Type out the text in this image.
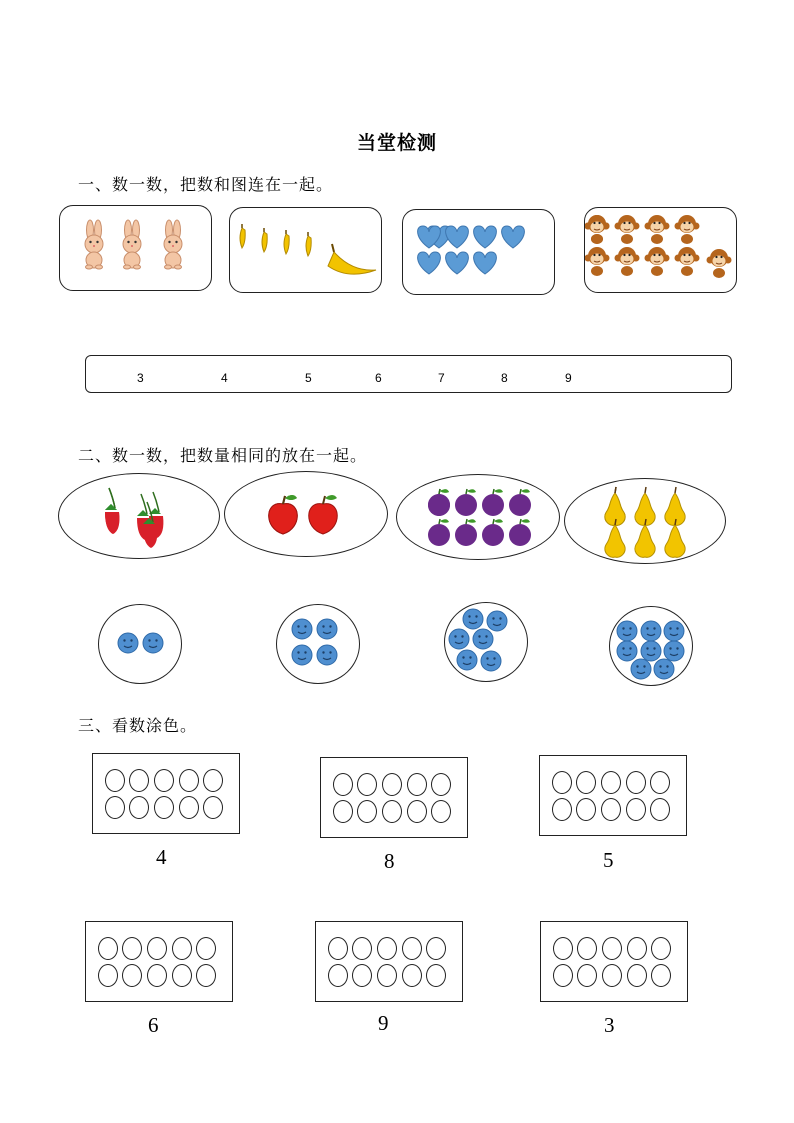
当堂检测
一、数一数，把数和图连在一起。
3	4	5	6	7	8	9
二、数一数，把数量相同的放在一起。
三、看数涂色。
4	8	5
6	9	3
